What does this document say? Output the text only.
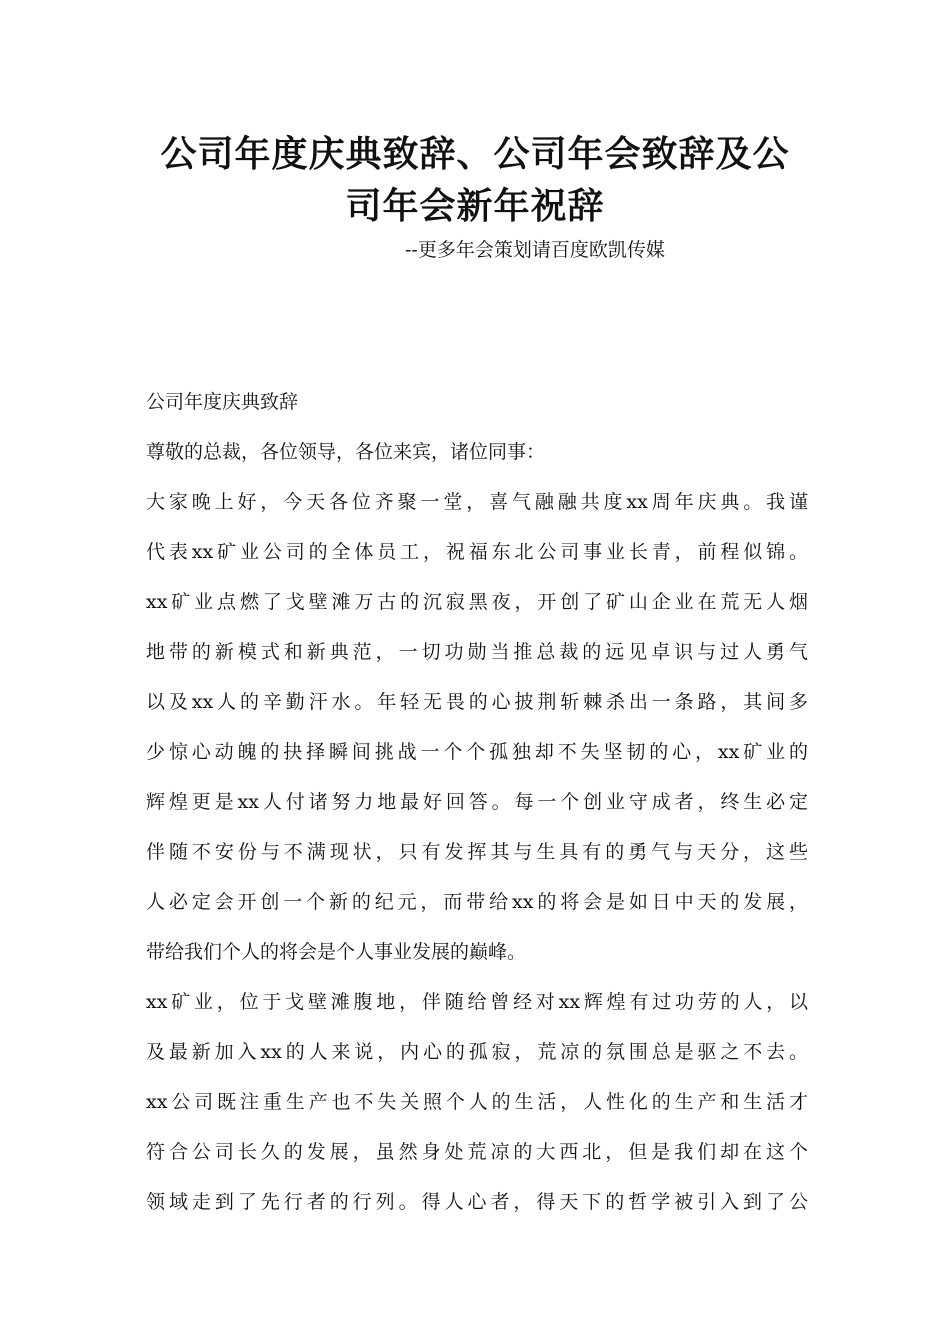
公司年度庆典致辞、公司年会致辞及公司年会新年祝辞
--更多年会策划请百度欧凯传媒
公司年度庆典致辞
尊敬的总裁，各位领导，各位来宾，诸位同事：
大家晚上好，今天各位齐聚一堂，喜气融融共度xx周年庆典。我谨
代表xx矿业公司的全体员工，祝福东北公司事业长青，前程似锦。
xx矿业点燃了戈壁滩万古的沉寂黑夜，开创了矿山企业在荒无人烟
地带的新模式和新典范，一切功勋当推总裁的远见卓识与过人勇气
以及xx人的辛勤汗水。年轻无畏的心披荆斩棘杀出一条路，其间多
少惊心动魄的抉择瞬间挑战一个个孤独却不失坚韧的心，xx矿业的
辉煌更是xx人付诸努力地最好回答。每一个创业守成者，终生必定
伴随不安份与不满现状，只有发挥其与生具有的勇气与天分，这些
人必定会开创一个新的纪元，而带给xx的将会是如日中天的发展，
带给我们个人的将会是个人事业发展的巅峰。
xx矿业，位于戈壁滩腹地，伴随给曾经对xx辉煌有过功劳的人，以
及最新加入xx的人来说，内心的孤寂，荒凉的氛围总是驱之不去。
xx公司既注重生产也不失关照个人的生活，人性化的生产和生活才
符合公司长久的发展，虽然身处荒凉的大西北，但是我们却在这个
领域走到了先行者的行列。得人心者，得天下的哲学被引入到了公
